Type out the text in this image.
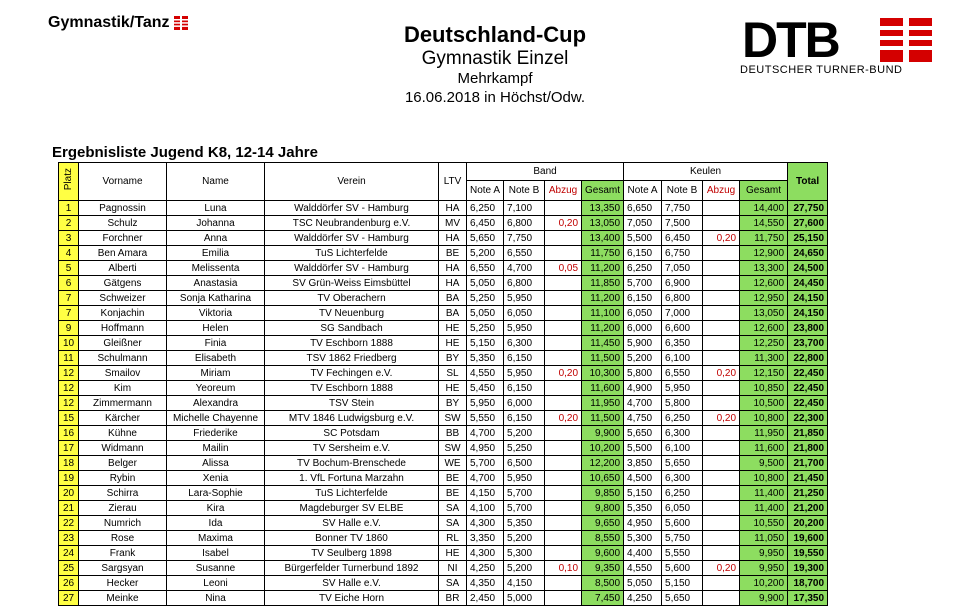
Gymnastik/Tanz	Deutschland-Cup
Gymnastik Einzel
Mehrkampf
16.06.2018 in Höchst/Odw.
DTB
DEUTSCHER TURNER-BUND
Ergebnisliste Jugend K8, 12-14 Jahre
Platz	Vorname	Name	Verein	LTV	Band				Keulen				Total
					Note A	Note B	Abzug	Gesamt	Note A	Note B	Abzug	Gesamt	
1	Pagnossin	Luna	Walddörfer SV - Hamburg	HA	6,250	7,100		13,350	6,650	7,750		14,400	27,750
2	Schulz	Johanna	TSC Neubrandenburg e.V.	MV	6,450	6,800	0,20	13,050	7,050	7,500		14,550	27,600
3	Forchner	Anna	Walddörfer SV - Hamburg	HA	5,650	7,750		13,400	5,500	6,450	0,20	11,750	25,150
4	Ben Amara	Emilia	TuS Lichterfelde	BE	5,200	6,550		11,750	6,150	6,750		12,900	24,650
5	Alberti	Melissenta	Walddörfer SV - Hamburg	HA	6,550	4,700	0,05	11,200	6,250	7,050		13,300	24,500
6	Gätgens	Anastasia	SV Grün-Weiss Eimsbüttel	HA	5,050	6,800		11,850	5,700	6,900		12,600	24,450
7	Schweizer	Sonja Katharina	TV Oberachern	BA	5,250	5,950		11,200	6,150	6,800		12,950	24,150
7	Konjachin	Viktoria	TV Neuenburg	BA	5,050	6,050		11,100	6,050	7,000		13,050	24,150
9	Hoffmann	Helen	SG Sandbach	HE	5,250	5,950		11,200	6,000	6,600		12,600	23,800
10	Gleißner	Finia	TV Eschborn 1888	HE	5,150	6,300		11,450	5,900	6,350		12,250	23,700
11	Schulmann	Elisabeth	TSV 1862 Friedberg	BY	5,350	6,150		11,500	5,200	6,100		11,300	22,800
12	Smailov	Miriam	TV Fechingen e.V.	SL	4,550	5,950	0,20	10,300	5,800	6,550	0,20	12,150	22,450
12	Kim	Yeoreum	TV Eschborn 1888	HE	5,450	6,150		11,600	4,900	5,950		10,850	22,450
12	Zimmermann	Alexandra	TSV Stein	BY	5,950	6,000		11,950	4,700	5,800		10,500	22,450
15	Kärcher	Michelle Chayenne	MTV 1846 Ludwigsburg e.V.	SW	5,550	6,150	0,20	11,500	4,750	6,250	0,20	10,800	22,300
16	Kühne	Friederike	SC Potsdam	BB	4,700	5,200		9,900	5,650	6,300		11,950	21,850
17	Widmann	Mailin	TV Sersheim e.V.	SW	4,950	5,250		10,200	5,500	6,100		11,600	21,800
18	Belger	Alissa	TV Bochum-Brenschede	WE	5,700	6,500		12,200	3,850	5,650		9,500	21,700
19	Rybin	Xenia	1. VfL Fortuna Marzahn	BE	4,700	5,950		10,650	4,500	6,300		10,800	21,450
20	Schirra	Lara-Sophie	TuS Lichterfelde	BE	4,150	5,700		9,850	5,150	6,250		11,400	21,250
21	Zierau	Kira	Magdeburger SV ELBE	SA	4,100	5,700		9,800	5,350	6,050		11,400	21,200
22	Numrich	Ida	SV Halle e.V.	SA	4,300	5,350		9,650	4,950	5,600		10,550	20,200
23	Rose	Maxima	Bonner TV 1860	RL	3,350	5,200		8,550	5,300	5,750		11,050	19,600
24	Frank	Isabel	TV Seulberg 1898	HE	4,300	5,300		9,600	4,400	5,550		9,950	19,550
25	Sargsyan	Susanne	Bürgerfelder Turnerbund 1892	NI	4,250	5,200	0,10	9,350	4,550	5,600	0,20	9,950	19,300
26	Hecker	Leoni	SV Halle e.V.	SA	4,350	4,150		8,500	5,050	5,150		10,200	18,700
27	Meinke	Nina	TV Eiche Horn	BR	2,450	5,000		7,450	4,250	5,650		9,900	17,350
